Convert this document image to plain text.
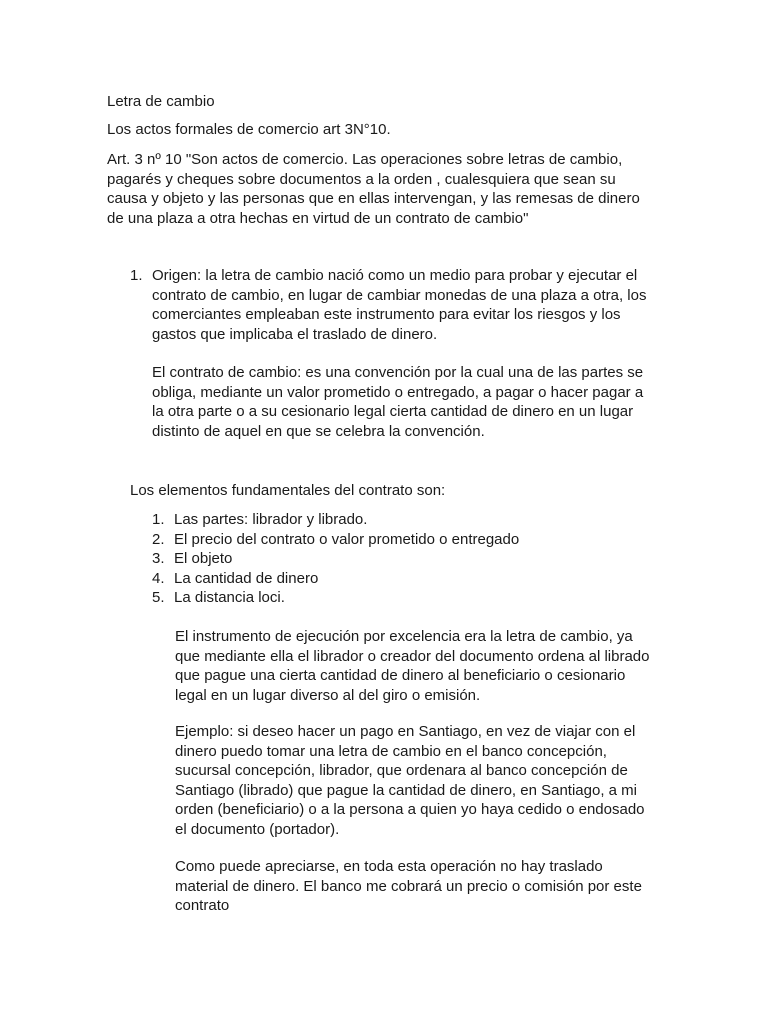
Letra de cambio

Los actos formales de comercio art 3N°10.

Art. 3 nº 10 "Son actos de comercio. Las operaciones sobre letras de cambio,
pagarés y cheques sobre documentos a la orden , cualesquiera que sean su
causa y objeto y las personas que en ellas intervengan, y las remesas de dinero
de una plaza a otra hechas en virtud de un contrato de cambio"

1. Origen: la letra de cambio nació como un medio para probar y ejecutar el
contrato de cambio, en lugar de cambiar monedas de una plaza a otra, los
comerciantes empleaban este instrumento para evitar los riesgos y los
gastos que implicaba el traslado de dinero.

El contrato de cambio: es una convención por la cual una de las partes se
obliga, mediante un valor prometido o entregado, a pagar o hacer pagar a
la otra parte o a su cesionario legal cierta cantidad de dinero en un lugar
distinto de aquel en que se celebra la convención.

Los elementos fundamentales del contrato son:

1. Las partes: librador y librado.
2. El precio del contrato o valor prometido o entregado
3. El objeto
4. La cantidad de dinero
5. La distancia loci.

El instrumento de ejecución por excelencia era la letra de cambio, ya
que mediante ella el librador o creador del documento ordena al librado
que pague una cierta cantidad de dinero al beneficiario o cesionario
legal en un lugar diverso al del giro o emisión.

Ejemplo: si deseo hacer un pago en Santiago, en vez de viajar con el
dinero puedo tomar una letra de cambio en el banco concepción,
sucursal concepción, librador, que ordenara al banco concepción de
Santiago (librado) que pague la cantidad de dinero, en Santiago, a mi
orden (beneficiario) o a la persona a quien yo haya cedido o endosado
el documento (portador).

Como puede apreciarse, en toda esta operación no hay traslado
material de dinero. El banco me cobrará un precio o comisión por este
contrato
